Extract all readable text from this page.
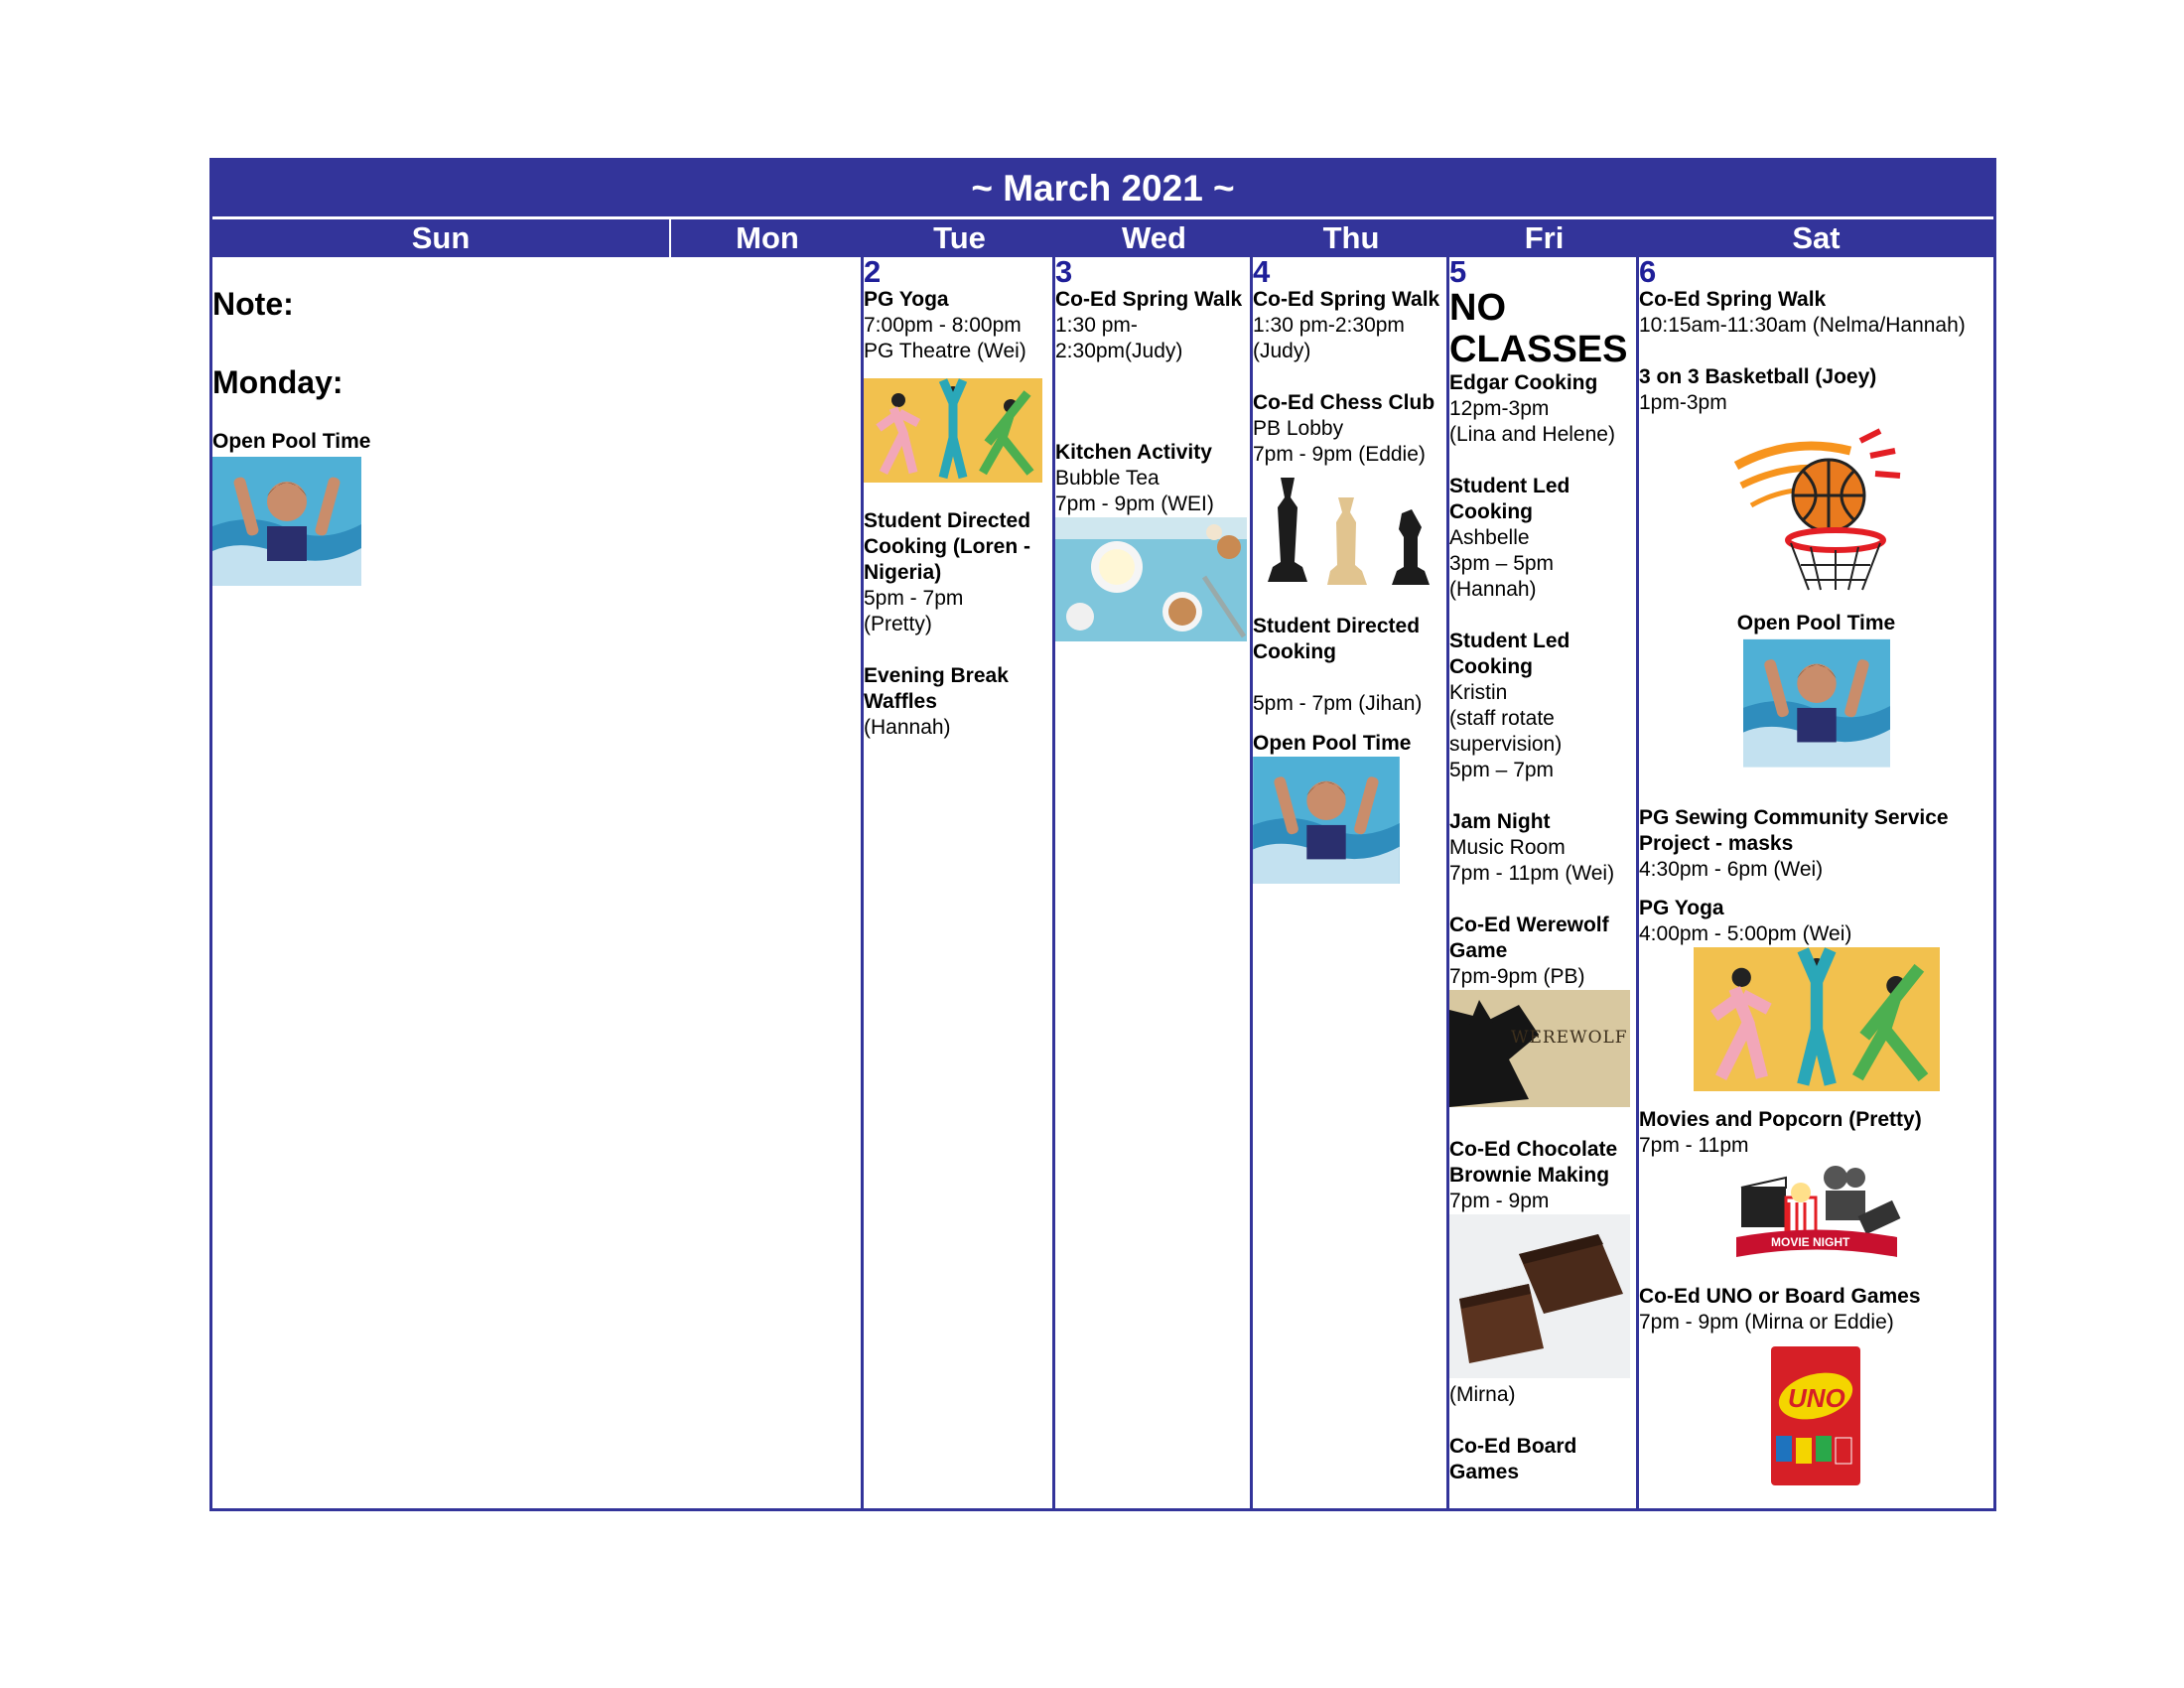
~ March 2021 ~
Sun	Mon	Tue	Wed	Thu	Fri	Sat
Note:
Monday:
Open Pool Time
2
PG Yoga
7:00pm - 8:00pm
PG Theatre (Wei)
Student Directed Cooking (Loren - Nigeria)
5pm - 7pm
(Pretty)
Evening Break Waffles
(Hannah)
3
Co-Ed Spring Walk
1:30 pm-2:30pm(Judy)
Kitchen Activity
Bubble Tea
7pm - 9pm (WEI)
4
Co-Ed Spring Walk
1:30 pm-2:30pm
(Judy)
Co-Ed Chess Club
PB Lobby
7pm - 9pm (Eddie)
Student Directed Cooking
5pm - 7pm (Jihan)
Open Pool Time
5
NO CLASSES
Edgar Cooking
12pm-3pm
(Lina and Helene)
Student Led Cooking
Ashbelle
3pm – 5pm
(Hannah)
Student Led Cooking
Kristin
(staff rotate supervision)
5pm – 7pm
Jam Night
Music Room
7pm - 11pm (Wei)
Co-Ed Werewolf Game
7pm-9pm (PB)
WEREWOLF
Co-Ed Chocolate Brownie Making
7pm - 9pm
(Mirna)
Co-Ed Board Games
6
Co-Ed Spring Walk
10:15am-11:30am (Nelma/Hannah)
3 on 3 Basketball (Joey)
1pm-3pm
Open Pool Time
PG Sewing Community Service Project - masks
4:30pm - 6pm (Wei)
PG Yoga
4:00pm - 5:00pm (Wei)
Movies and Popcorn (Pretty)
7pm - 11pm
MOVIE NIGHT
Co-Ed UNO or Board Games
7pm - 9pm (Mirna or Eddie)
UNO
